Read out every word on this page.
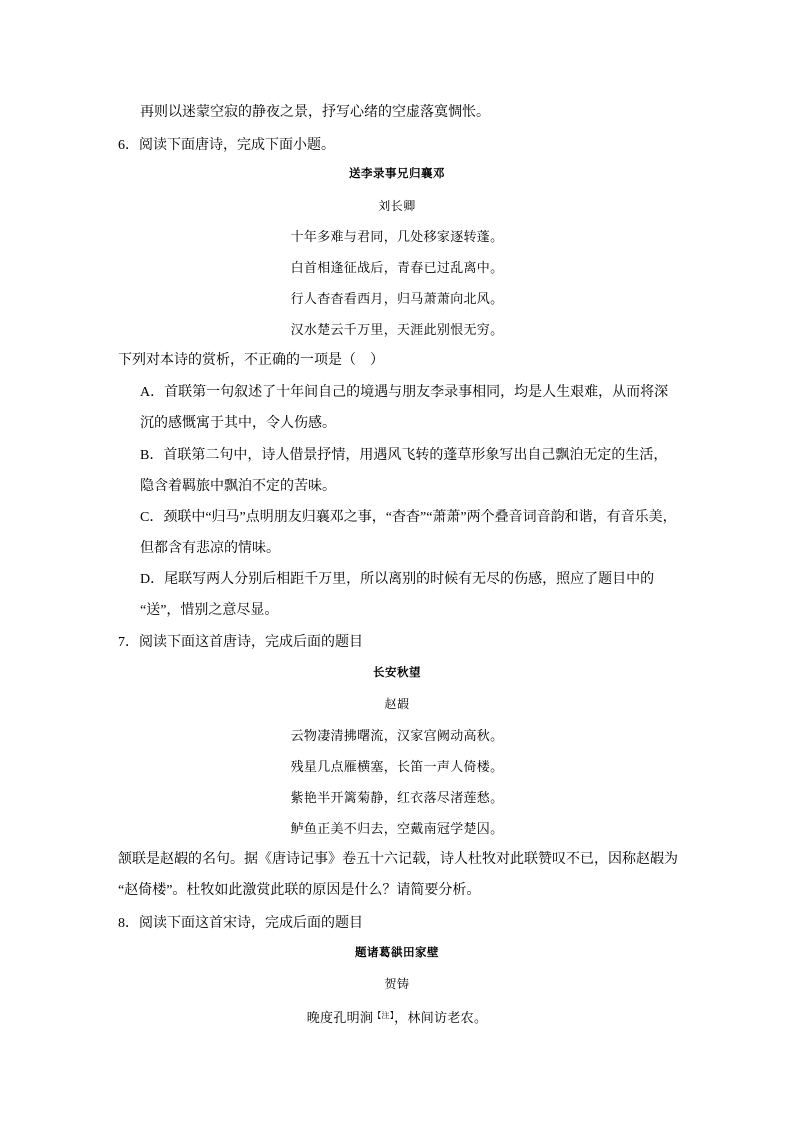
再则以迷蒙空寂的静夜之景，抒写心绪的空虚落寞惆怅。
6．阅读下面唐诗，完成下面小题。
送李录事兄归襄邓
刘长卿
十年多难与君同，几处移家逐转蓬。
白首相逢征战后，青春已过乱离中。
行人杳杳看西月，归马萧萧向北风。
汉水楚云千万里，天涯此别恨无穷。
下列对本诗的赏析，不正确的一项是（　）
A．首联第一句叙述了十年间自己的境遇与朋友李录事相同，均是人生艰难，从而将深
沉的感慨寓于其中，令人伤感。
B．首联第二句中，诗人借景抒情，用遇风飞转的蓬草形象写出自己飘泊无定的生活，
隐含着羁旅中飘泊不定的苦味。
C．颈联中“归马”点明朋友归襄邓之事，“杳杳”“萧萧”两个叠音词音韵和谐，有音乐美，
但都含有悲凉的情味。
D．尾联写两人分别后相距千万里，所以离别的时候有无尽的伤感，照应了题目中的
“送”，惜别之意尽显。
7．阅读下面这首唐诗，完成后面的题目
长安秋望
赵嘏
云物凄清拂曙流，汉家宫阙动高秋。
残星几点雁横塞，长笛一声人倚楼。
紫艳半开篱菊静，红衣落尽渚莲愁。
鲈鱼正美不归去，空戴南冠学楚囚。
颔联是赵嘏的名句。据《唐诗记事》卷五十六记载，诗人杜牧对此联赞叹不已，因称赵嘏为
“赵倚楼”。杜牧如此激赏此联的原因是什么？请简要分析。
8．阅读下面这首宋诗，完成后面的题目
题诸葛谼田家壁
贺铸
晚度孔明涧$^{【注】}$，林间访老农。
